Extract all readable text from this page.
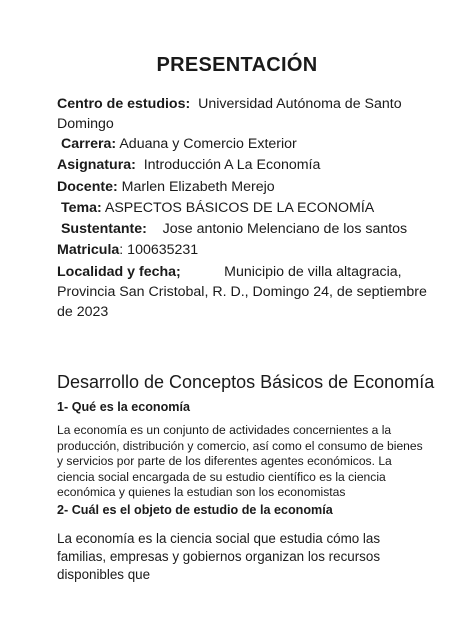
PRESENTACIÓN
Centro de estudios: Universidad Autónoma de Santo Domingo
Carrera: Aduana y Comercio Exterior
Asignatura: Introducción A La Economía
Docente: Marlen Elizabeth Merejo
Tema: ASPECTOS BÁSICOS DE LA ECONOMÍA
Sustentante: Jose antonio Melenciano de los santos
Matricula: 100635231
Localidad y fecha;	Municipio de villa altagracia, Provincia San Cristobal, R. D., Domingo 24, de septiembre de 2023
Desarrollo de Conceptos Básicos de Economía
1- Qué es la economía
La economía es un conjunto de actividades concernientes a la producción, distribución y comercio, así como el consumo de bienes y servicios por parte de los diferentes agentes económicos. La ciencia social encargada de su estudio científico es la ciencia económica y quienes la estudian son los economistas
2- Cuál es el objeto de estudio de la economía
La economía es la ciencia social que estudia cómo las familias, empresas y gobiernos organizan los recursos disponibles que
